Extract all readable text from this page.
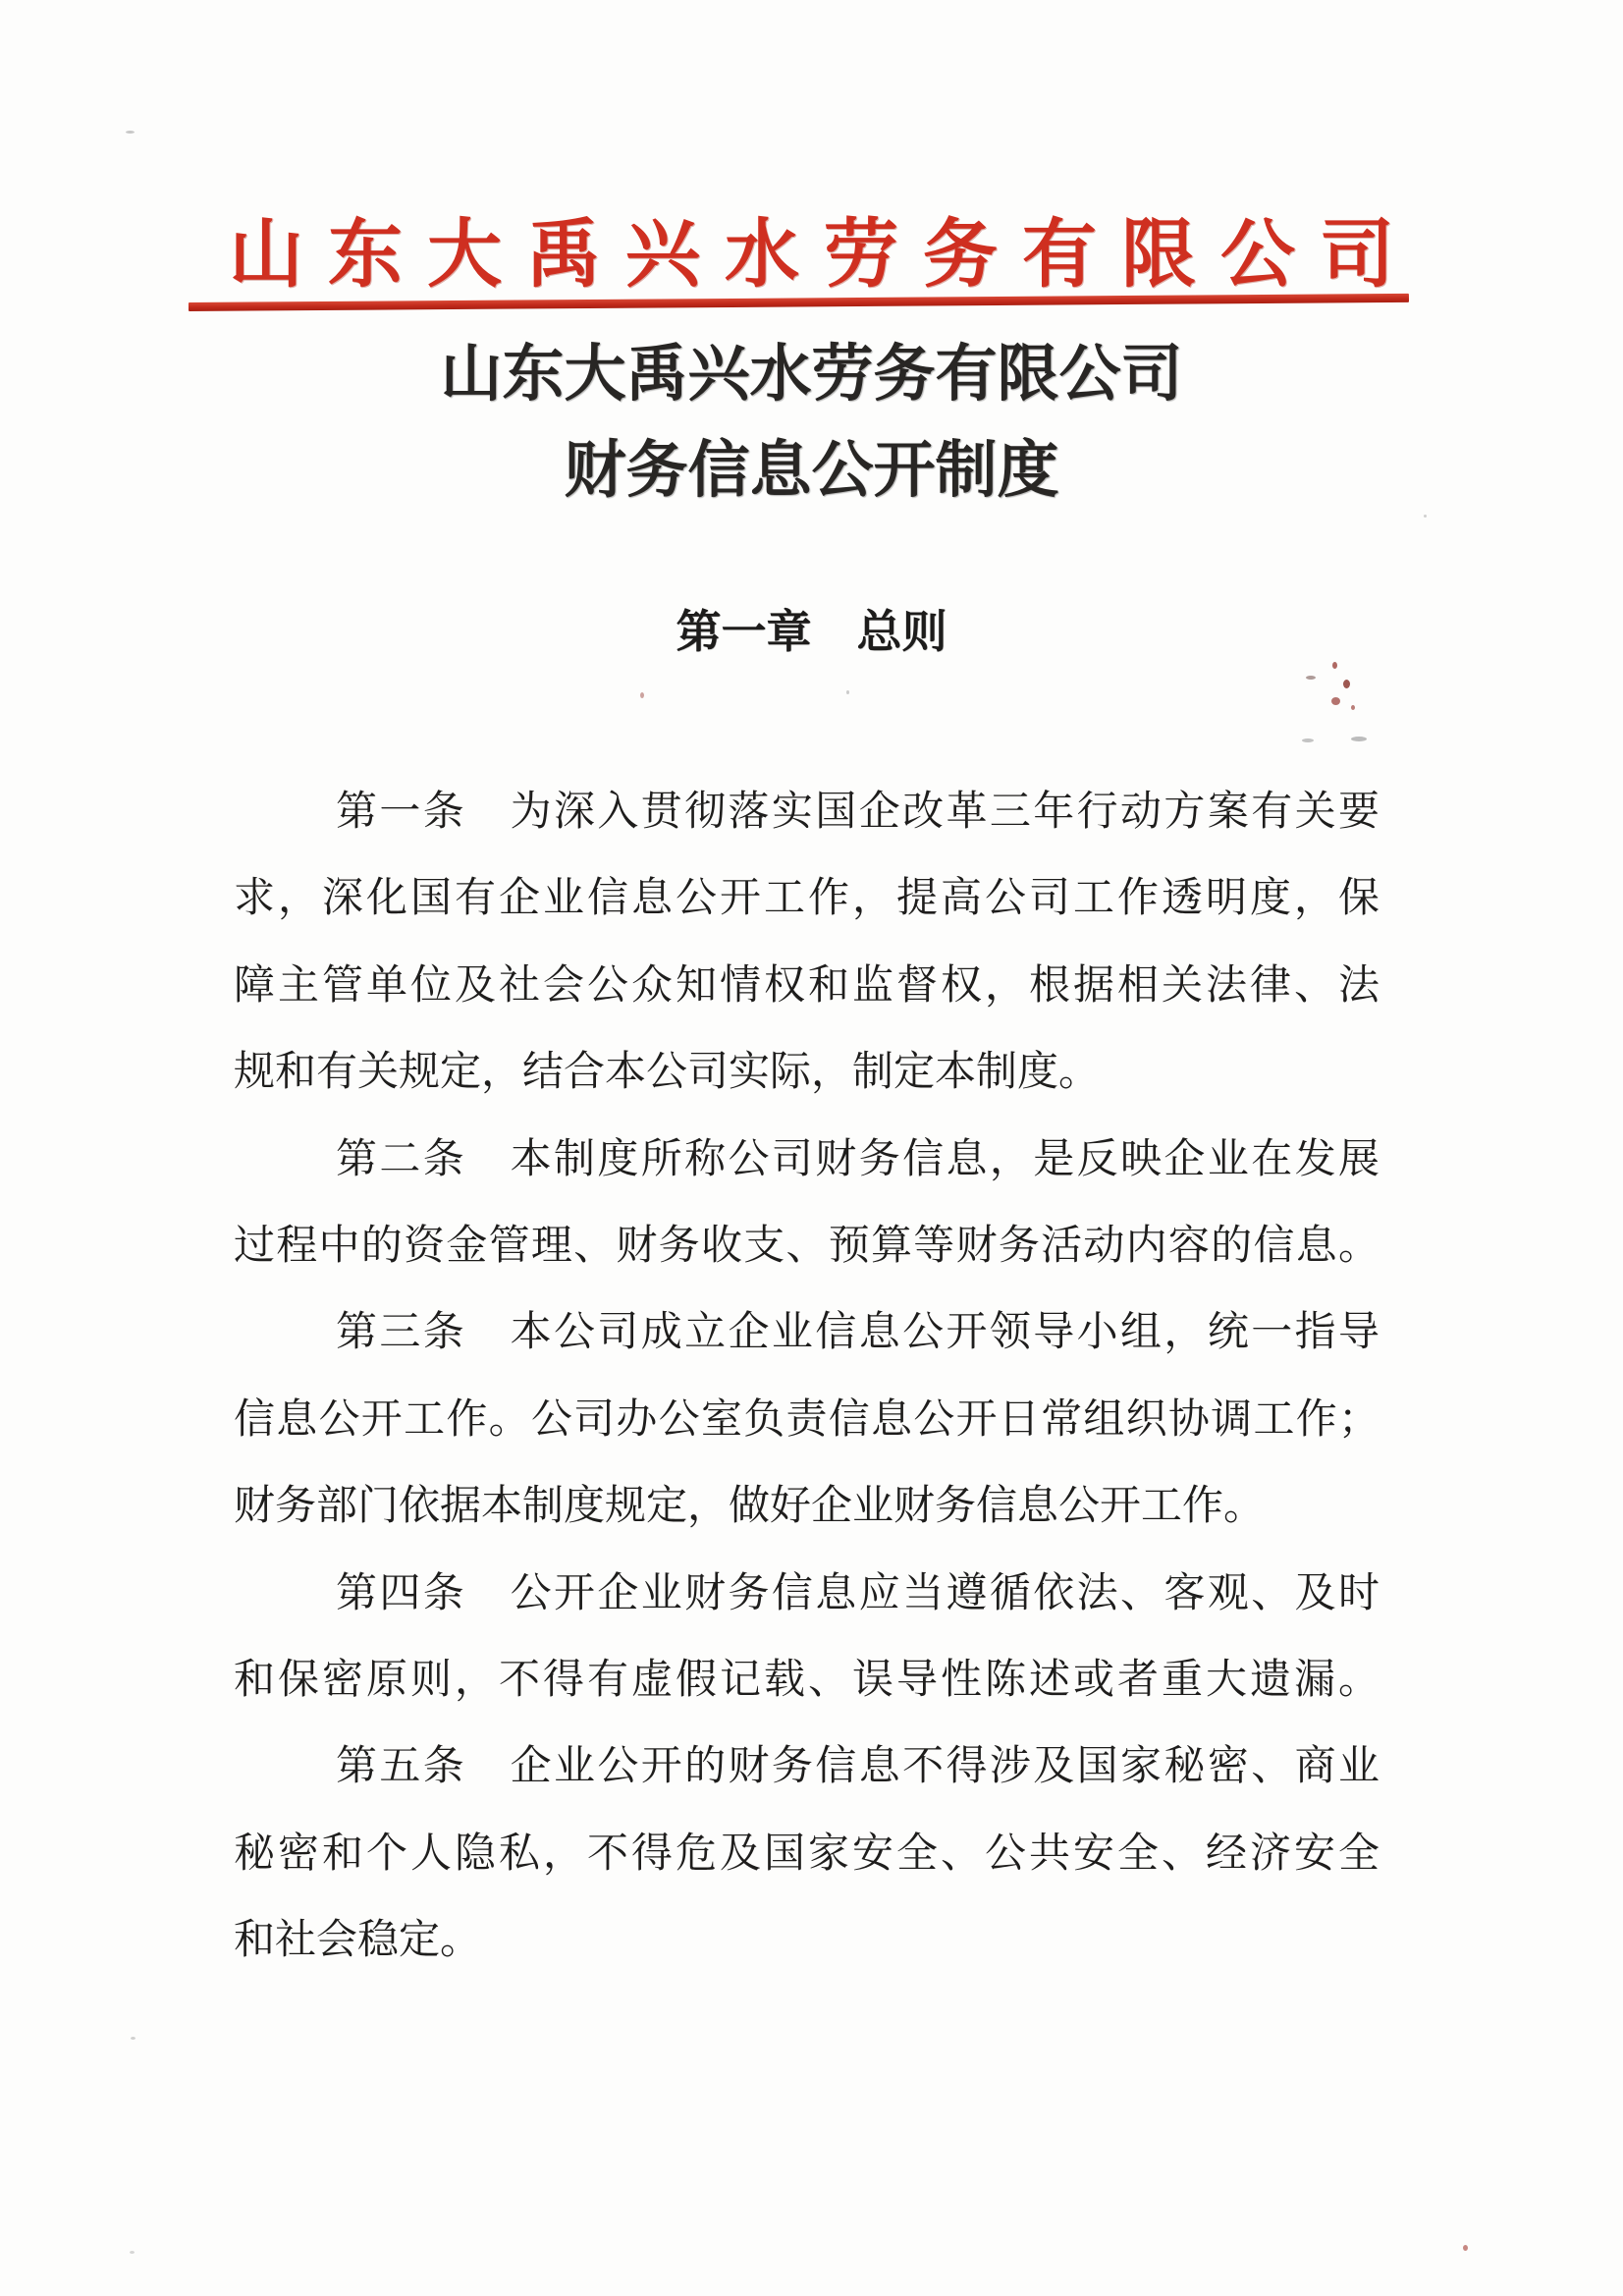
山东大禹兴水劳务有限公司
山东大禹兴水劳务有限公司
财务信息公开制度
第一章　总则
第一条　为深入贯彻落实国企改革三年行动方案有关要
求，深化国有企业信息公开工作，提高公司工作透明度，保
障主管单位及社会公众知情权和监督权，根据相关法律、法
规和有关规定，结合本公司实际，制定本制度。
第二条　本制度所称公司财务信息，是反映企业在发展
过程中的资金管理、财务收支、预算等财务活动内容的信息。
第三条　本公司成立企业信息公开领导小组，统一指导
信息公开工作。公司办公室负责信息公开日常组织协调工作；
财务部门依据本制度规定，做好企业财务信息公开工作。
第四条　公开企业财务信息应当遵循依法、客观、及时
和保密原则，不得有虚假记载、误导性陈述或者重大遗漏。
第五条　企业公开的财务信息不得涉及国家秘密、商业
秘密和个人隐私，不得危及国家安全、公共安全、经济安全
和社会稳定。
